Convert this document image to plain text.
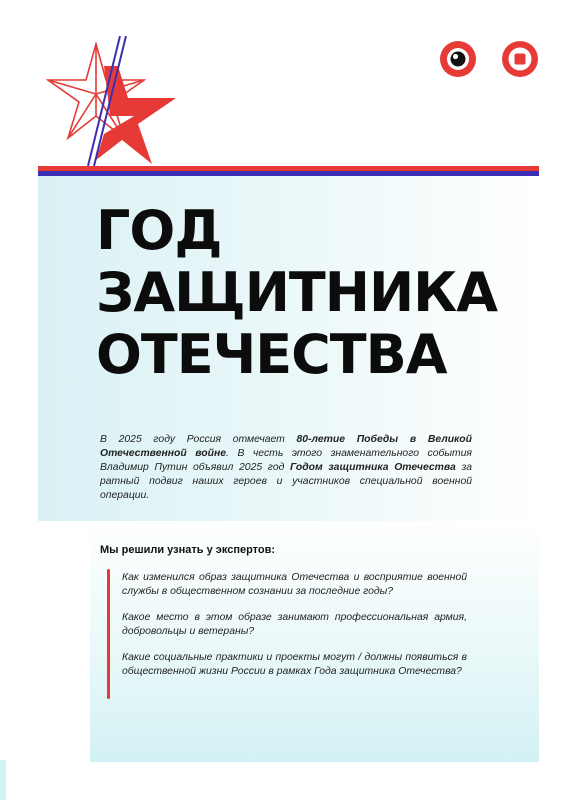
ГОД
ЗАЩИТНИКА
ОТЕЧЕСТВА

В 2025 году Россия отмечает 80-летие Победы в Великой Отечественной войне. В честь этого знаменательного события Владимир Путин объявил 2025 год Годом защитника Отечества за ратный подвиг наших героев и участников специальной военной операции.

Мы решили узнать у экспертов:

Как изменился образ защитника Отечества и восприятие военной службы в общественном сознании за последние годы?
Какое место в этом образе занимают профессиональная армия, добровольцы и ветераны?
Какие социальные практики и проекты могут / должны появиться в общественной жизни России в рамках Года защитника Отечества?
